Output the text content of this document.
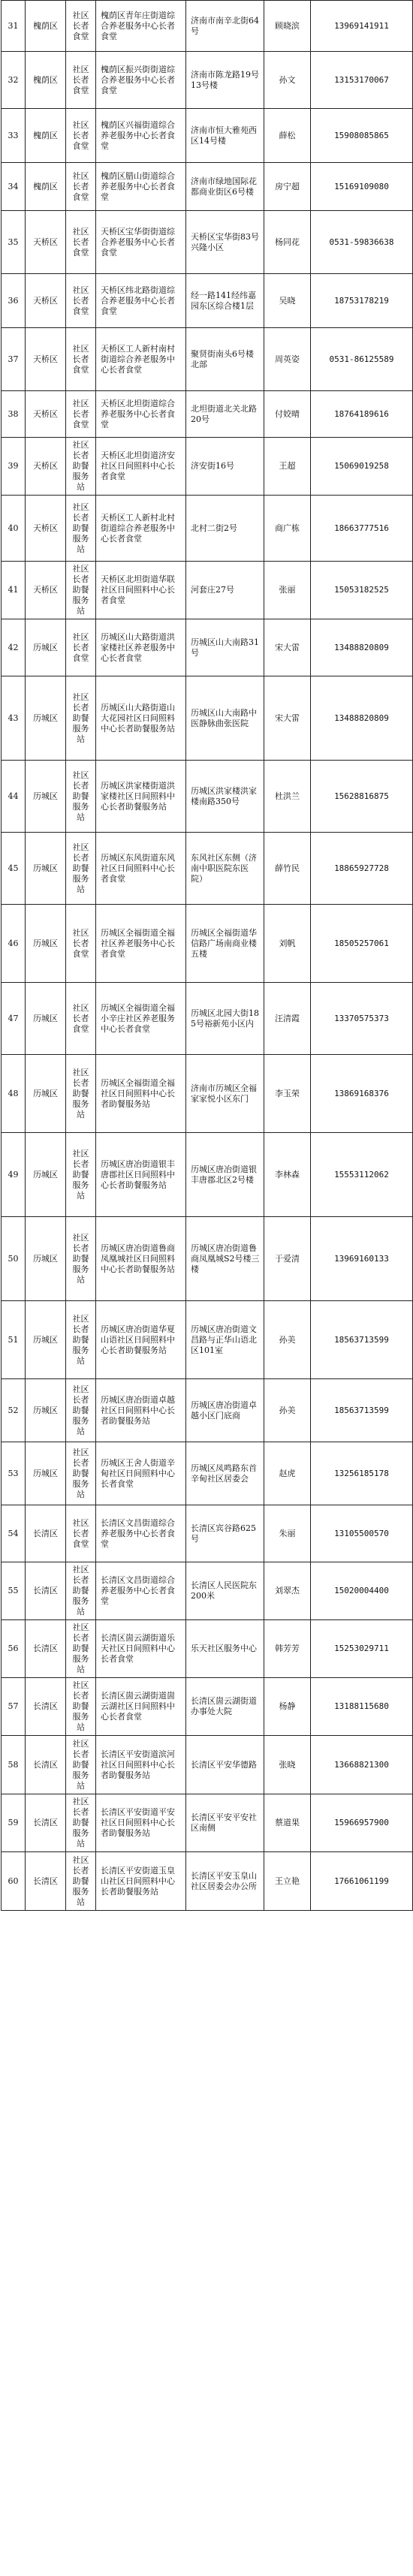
31	槐荫区	社区长者食堂	槐荫区青年庄街道综合养老服务中心长者食堂	济南市南辛北街64号	顾晓滨	13969141911
32	槐荫区	社区长者食堂	槐荫区振兴街街道综合养老服务中心长者食堂	济南市陈龙路19号13号楼	孙文	13153170067
33	槐荫区	社区长者食堂	槐荫区兴福街道综合养老服务中心长者食堂	济南市恒大雅苑西区14号楼	薛松	15908085865
34	槐荫区	社区长者食堂	槐荫区腊山街道综合养老服务中心长者食堂	济南市绿地国际花都商业街区6号楼	房宁超	15169109080
35	天桥区	社区长者食堂	天桥区宝华街街道综合养老服务中心长者食堂	天桥区宝华街83号兴隆小区	杨同花	0531-59836638
36	天桥区	社区长者食堂	天桥区纬北路街道综合养老服务中心长者食堂	经一路141经纬嘉园东区综合楼1层	吴晓	18753178219
37	天桥区	社区长者食堂	天桥区工人新村南村街道综合养老服务中心长者食堂	聚贤街南头6号楼北部	周英姿	0531-86125589
38	天桥区	社区长者食堂	天桥区北坦街道综合养老服务中心长者食堂	北坦街道北关北路20号	付姣晴	18764189616
39	天桥区	社区长者助餐服务站	天桥区北坦街道济安社区日间照料中心长者食堂	济安街16号	王超	15069019258
40	天桥区	社区长者助餐服务站	天桥区工人新村北村街道综合养老服务中心长者食堂	北村二街2号	商广栋	18663777516
41	天桥区	社区长者助餐服务站	天桥区北坦街道华联社区日间照料中心长者食堂	河套庄27号	张丽	15053182525
42	历城区	社区长者食堂	历城区山大路街道洪家楼社区养老服务中心长者食堂	历城区山大南路31号	宋大雷	13488820809
43	历城区	社区长者助餐服务站	历城区山大路街道山大花园社区日间照料中心长者助餐服务站	历城区山大南路中医静脉曲张医院	宋大雷	13488820809
44	历城区	社区长者助餐服务站	历城区洪家楼街道洪家楼社区日间照料中心长者助餐服务站	历城区洪家楼洪家楼南路350号	杜洪兰	15628816875
45	历城区	社区长者助餐服务站	历城区东风街道东风社区日间照料中心长者食堂	东风社区东侧（济南中职医院东医院）	薛竹民	18865927728
46	历城区	社区长者食堂	历城区全福街道全福社区养老服务中心长者食堂	历城区全福街道华信路广场南商业楼五楼	刘帆	18505257061
47	历城区	社区长者食堂	历城区全福街道全福小辛庄社区养老服务中心长者食堂	历城区北园大街185号裕新苑小区内	汪清霞	13370575373
48	历城区	社区长者助餐服务站	历城区全福街道全福社区日间照料中心长者助餐服务站	济南市历城区全福家家悦小区东门	李玉荣	13869168376
49	历城区	社区长者助餐服务站	历城区唐冶街道银丰唐郡社区日间照料中心长者助餐服务站	历城区唐冶街道银丰唐郡北区2号楼	李林森	15553112062
50	历城区	社区长者助餐服务站	历城区唐冶街道鲁商凤凰城社区日间照料中心长者助餐服务站	历城区唐冶街道鲁商凤凰城S2号楼三楼	于爱清	13969160133
51	历城区	社区长者助餐服务站	历城区唐冶街道华夏山语社区日间照料中心长者助餐服务站	历城区唐冶街道文昌路与正华山语北区101室	孙美	18563713599
52	历城区	社区长者助餐服务站	历城区唐冶街道卓越社区日间照料中心长者助餐服务站	历城区唐冶街道卓越小区门底商	孙美	18563713599
53	历城区	社区长者助餐服务站	历城区王舍人街道辛甸社区日间照料中心长者食堂	历城区凤鸣路东首辛甸社区居委会	赵虎	13256185178
54	长清区	社区长者食堂	长清区文昌街道综合养老服务中心长者食堂	长清区宾谷路625号	朱丽	13105500570
55	长清区	社区长者助餐服务站	长清区文昌街道综合养老服务中心长者食堂	长清区人民医院东200米	刘翠杰	15020004400
56	长清区	社区长者助餐服务站	长清区崮云湖街道乐天社区日间照料中心长者食堂	乐天社区服务中心	韩芳芳	15253029711
57	长清区	社区长者助餐服务站	长清区崮云湖街道崮云湖社区日间照料中心长者食堂	长清区崮云湖街道办事处大院	杨静	13188115680
58	长清区	社区长者助餐服务站	长清区平安街道滨河社区日间照料中心长者助餐服务站	长清区平安华德路	张晓	13668821300
59	长清区	社区长者助餐服务站	长清区平安街道平安社区日间照料中心长者助餐服务站	长清区平安平安社区南侧	蔡道果	15966957900
60	长清区	社区长者助餐服务站	长清区平安街道玉皇山社区日间照料中心长者助餐服务站	长清区平安玉皇山社区居委会办公所	王立艳	17661061199
